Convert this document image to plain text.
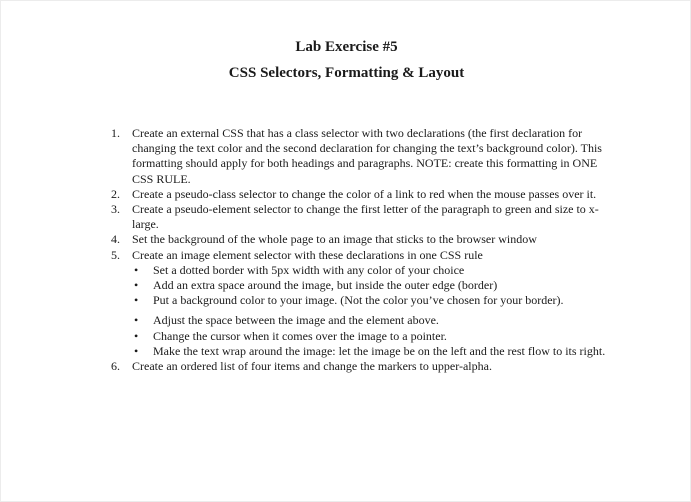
Lab Exercise #5
CSS Selectors, Formatting & Layout
1. Create an external CSS that has a class selector with two declarations (the first declaration for changing the text color and the second declaration for changing the text’s background color). This formatting should apply for both headings and paragraphs. NOTE: create this formatting in ONE CSS RULE.
2. Create a pseudo-class selector to change the color of a link to red when the mouse passes over it.
3. Create a pseudo-element selector to change the first letter of the paragraph to green and size to x-large.
4. Set the background of the whole page to an image that sticks to the browser window
5. Create an image element selector with these declarations in one CSS rule
• Set a dotted border with 5px width with any color of your choice
• Add an extra space around the image, but inside the outer edge (border)
• Put a background color to your image. (Not the color you’ve chosen for your border).
• Adjust the space between the image and the element above.
• Change the cursor when it comes over the image to a pointer.
• Make the text wrap around the image: let the image be on the left and the rest flow to its right.
6. Create an ordered list of four items and change the markers to upper-alpha.
